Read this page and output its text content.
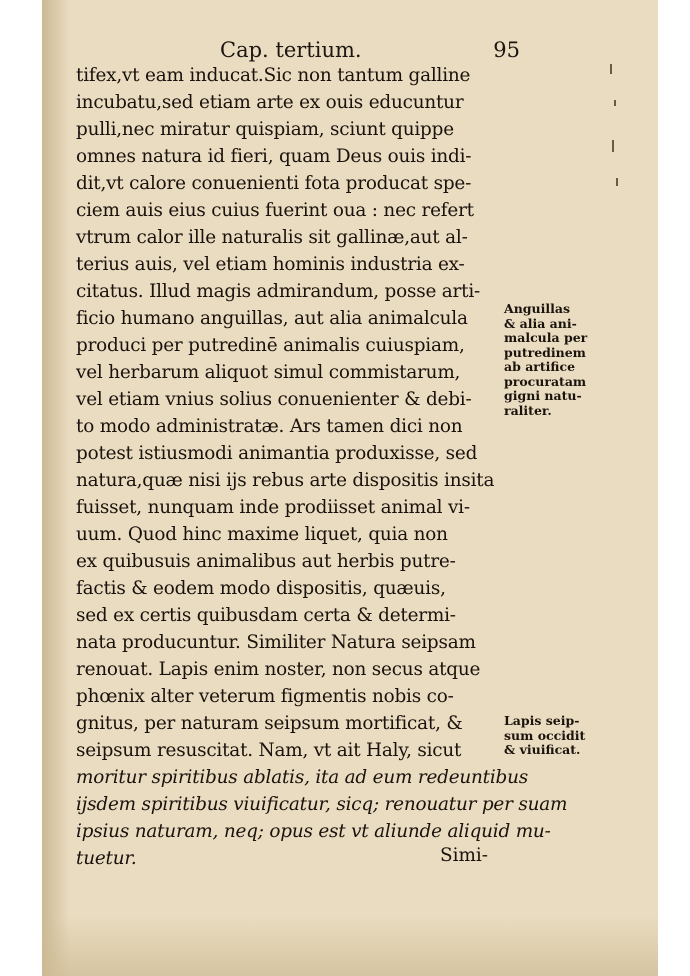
Cap. tertium.	95
tifex,vt eam inducat.Sic non tantum galline
incubatu,sed etiam arte ex ouis educuntur
pulli,nec miratur quispiam, sciunt quippe
omnes natura id fieri, quam Deus ouis indi-
dit,vt calore conuenienti fota producat spe-
ciem auis eius cuius fuerint oua : nec refert
vtrum calor ille naturalis sit gallinæ,aut al-
terius auis, vel etiam hominis industria ex-
citatus. Illud magis admirandum, posse arti-
ficio humano anguillas, aut alia animalcula
produci per putredinē animalis cuiuspiam,
vel herbarum aliquot simul commistarum,
vel etiam vnius solius conuenienter & debi-
to modo administratæ. Ars tamen dici non
potest istiusmodi animantia produxisse, sed
natura,quæ nisi ijs rebus arte dispositis insita
fuisset, nunquam inde prodiisset animal vi-
uum. Quod hinc maxime liquet, quia non
ex quibusuis animalibus aut herbis putre-
factis & eodem modo dispositis, quæuis,
sed ex certis quibusdam certa & determi-
nata producuntur. Similiter Natura seipsam
renouat. Lapis enim noster, non secus atque
phœnix alter veterum figmentis nobis co-
gnitus, per naturam seipsum mortificat, &
seipsum resuscitat. Nam, vt ait Haly, sicut
moritur spiritibus ablatis, ita ad eum redeuntibus
ijsdem spiritibus viuificatur, sicq; renouatur per suam
ipsius naturam, neq; opus est vt aliunde aliquid mu-
tuetur.
Anguillas
& alia ani-
malcula per
putredinem
ab artifice
procuratam
gigni natu-
raliter.
Lapis seip-
sum occidit
& viuificat.
Simi-
